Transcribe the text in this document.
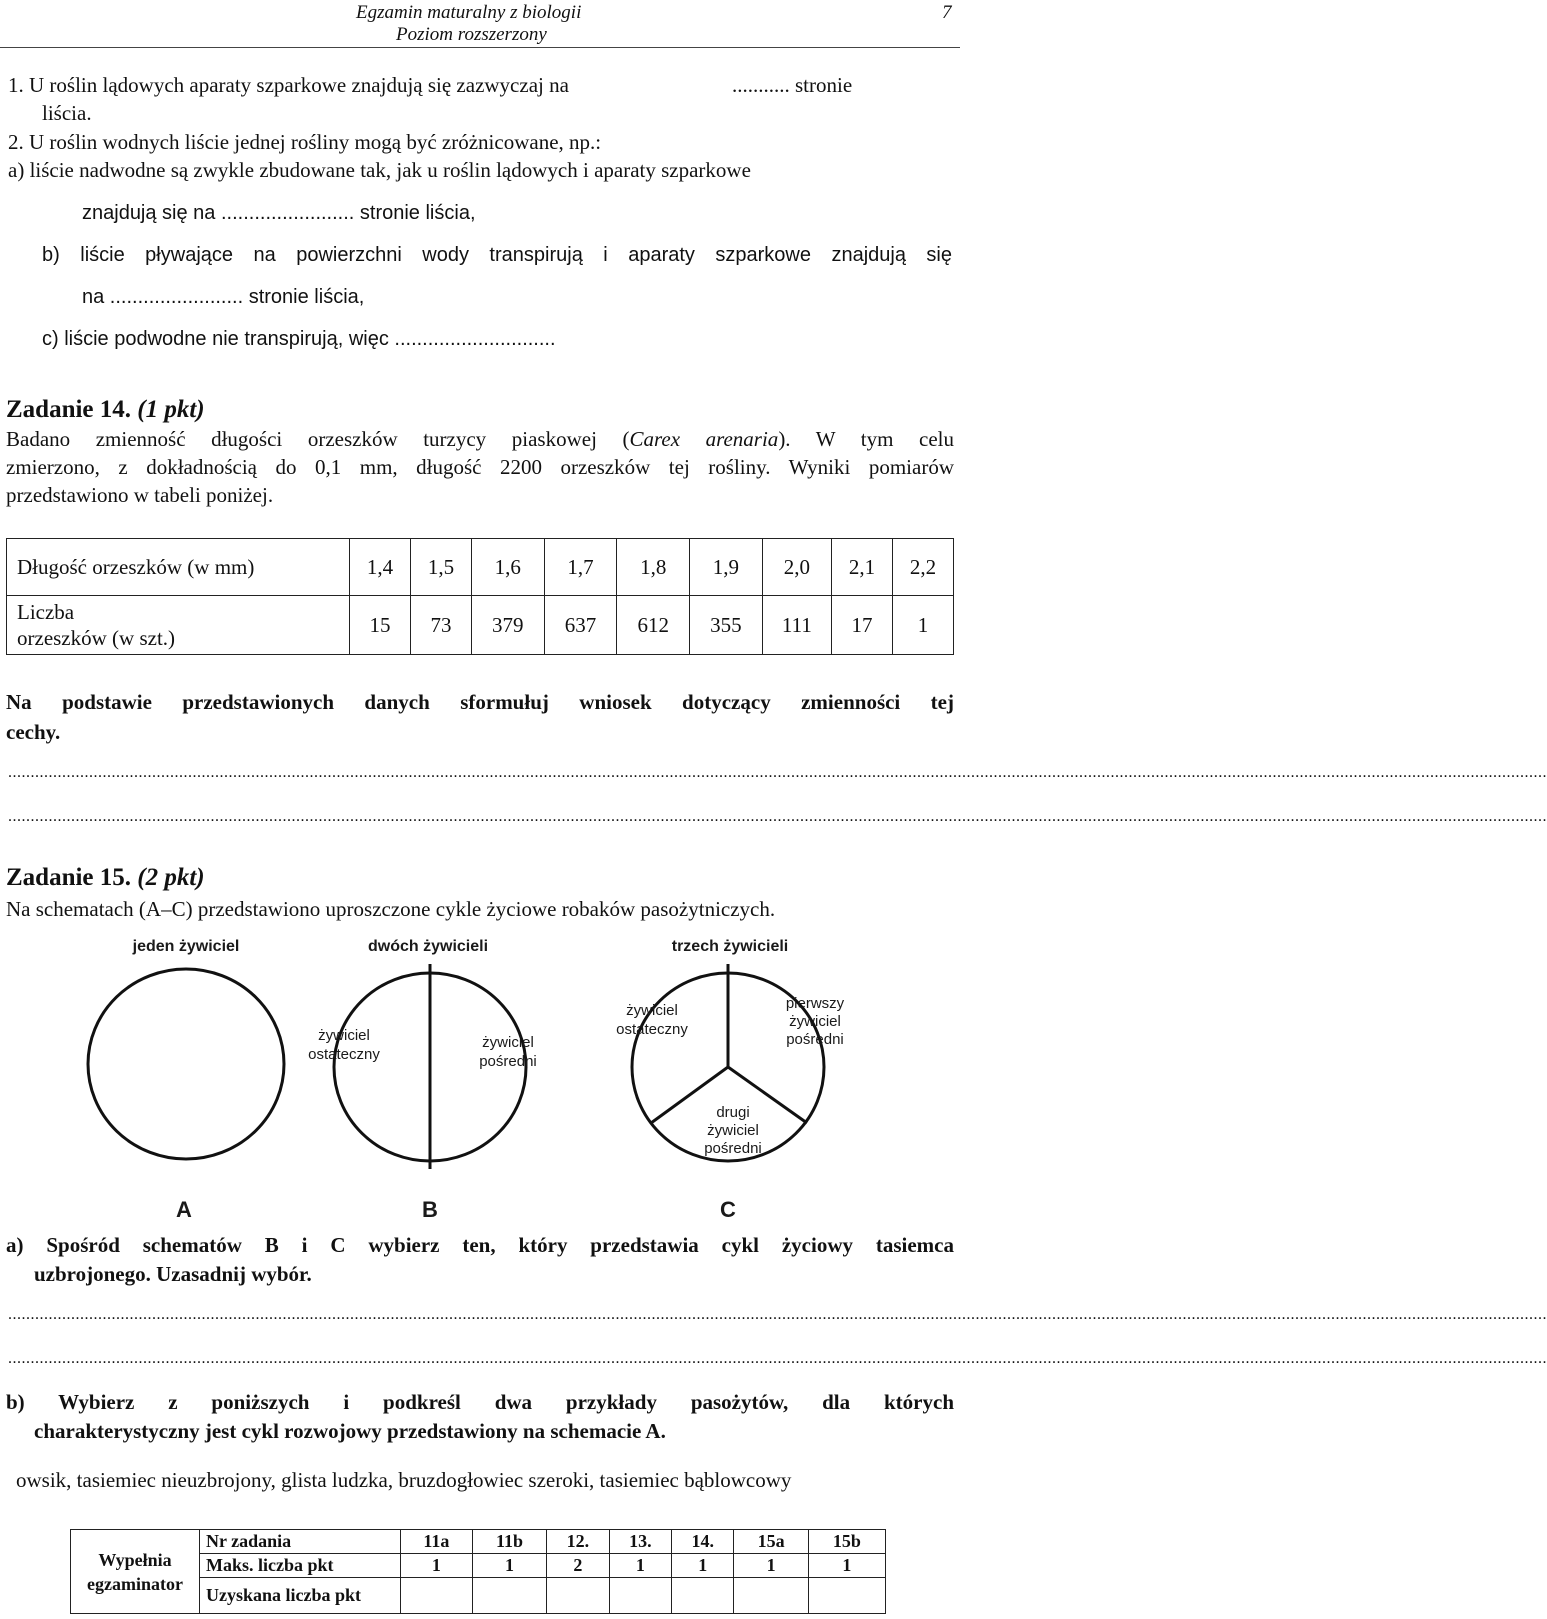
Egzamin maturalny z biologii
Poziom rozszerzony
7
1. U roślin lądowych aparaty szparkowe znajdują się zazwyczaj na	........... stronie
liścia.
2. U roślin wodnych liście jednej rośliny mogą być zróżnicowane, np.:
a) liście nadwodne są zwykle zbudowane tak, jak u roślin lądowych i aparaty szparkowe
znajdują się na ........................ stronie liścia,
b) liście pływające na powierzchni wody transpirują i aparaty szparkowe znajdują się
na ........................ stronie liścia,
c) liście podwodne nie transpirują, więc .............................
Zadanie 14. (1 pkt)
Badano zmienność długości orzeszków turzycy piaskowej (Carex arenaria). W tym celu
zmierzono, z dokładnością do 0,1 mm, długość 2200 orzeszków tej rośliny. Wyniki pomiarów
przedstawiono w tabeli poniżej.
Długość orzeszków (w mm)	1,4	1,5	1,6	1,7	1,8	1,9	2,0	2,1	2,2
Liczba
orzeszków (w szt.)	15	73	379	637	612	355	111	17	1
Na podstawie przedstawionych danych sformułuj wniosek dotyczący zmienności tej
cechy.
......................................................................................................................................................................................................................................................................................................................................................
......................................................................................................................................................................................................................................................................................................................................................
Zadanie 15. (2 pkt)
Na schematach (A–C) przedstawiono uproszczone cykle życiowe robaków pasożytniczych.
jeden żywiciel	dwóch żywicieli	trzech żywicieli
żywiciel
ostateczny
żywiciel
pośredni
żywiciel
ostateczny
pierwszy
żywiciel
pośredni
drugi
żywiciel
pośredni
A	B	C
a) Spośród schematów B i C wybierz ten, który przedstawia cykl życiowy tasiemca
uzbrojonego. Uzasadnij wybór.
......................................................................................................................................................................................................................................................................................................................................................
......................................................................................................................................................................................................................................................................................................................................................
b) Wybierz z poniższych i podkreśl dwa przykłady pasożytów, dla których
charakterystyczny jest cykl rozwojowy przedstawiony na schemacie A.
owsik, tasiemiec nieuzbrojony, glista ludzka, bruzdogłowiec szeroki, tasiemiec bąblowcowy
Wypełnia
egzaminator	Nr zadania	11a	11b	12.	13.	14.	15a	15b
	Maks. liczba pkt	1	1	2	1	1	1	1
	Uzyskana liczba pkt							
